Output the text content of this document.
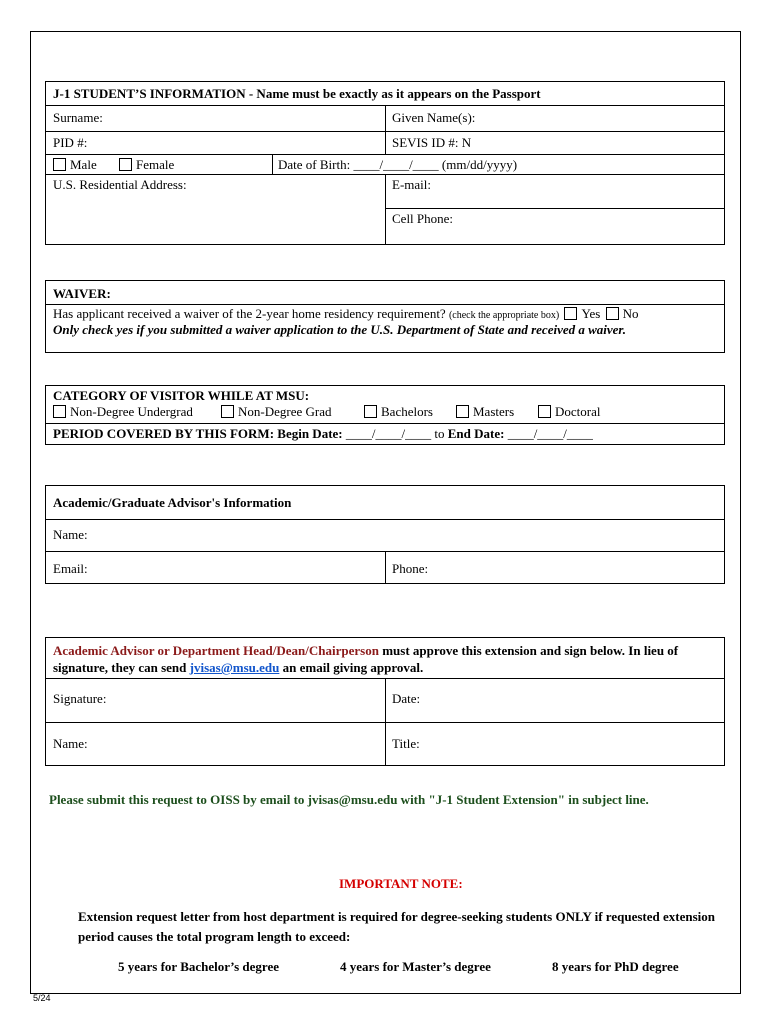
J-1 STUDENT’S INFORMATION - Name must be exactly as it appears on the Passport
Surname:	Given Name(s):
PID #:	SEVIS ID #: N
Male	Female	Date of Birth: ____/____/____ (mm/dd/yyyy)
U.S. Residential Address:	E-mail:
Cell Phone:
WAIVER:
Has applicant received a waiver of the 2-year home residency requirement? (check the appropriate box) Yes No
Only check yes if you submitted a waiver application to the U.S. Department of State and received a waiver.
CATEGORY OF VISITOR WHILE AT MSU:
Non-Degree Undergrad	Non-Degree Grad	Bachelors	Masters	Doctoral
PERIOD COVERED BY THIS FORM: Begin Date: ____/____/____ to End Date: ____/____/____
Academic/Graduate Advisor's Information
Name:
Email:	Phone:
Academic Advisor or Department Head/Dean/Chairperson must approve this extension and sign below. In lieu of signature, they can send jvisas@msu.edu an email giving approval.
Signature:	Date:
Name:	Title:
Please submit this request to OISS by email to jvisas@msu.edu with "J-1 Student Extension" in subject line.
IMPORTANT NOTE:
Extension request letter from host department is required for degree-seeking students ONLY if requested extension period causes the total program length to exceed:
5 years for Bachelor’s degree	4 years for Master’s degree	8 years for PhD degree
5/24
